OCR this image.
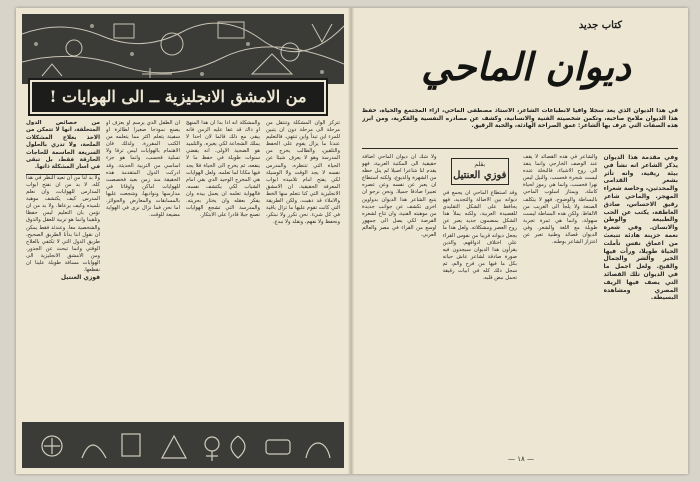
من الامشق الانجليزية ــ الى الهوايات !

تتركز الوان المشكلة وتنتقل من مرحلة الى مرحلة دون ان يتبين للمرء اين تبدأ واين تنتهي. فالتعليم عندنا ما يزال يقوم على الحفظ والتلقين، والطالب يخرج من المدرسة وهو لا يعرف شيئا عن الحياة التي تنتظره. والمدرس نفسه لا يجد الوقت ولا الوسيلة لكي يفتح امام تلاميذه ابواب المعرفة الحقيقية. ان الامشق الانجليزية التي كنا نتعلم منها الخط والاملاء قد ذهبت، ولكن الطريقة التي كانت تقوم عليها ما تزال باقية في كل شيء. نحن نكرر ولا نبتكر، ونحفظ ولا نفهم، ونقلد ولا نبدع.

والمشكلة انه اذا بدا ان هذا المنهج او ذاك قد عفا عليه الزمن فانه يبقى مع ذلك قائما لان احدا لا يملك الشجاعة لكي يغيره. والتلميذ هو الضحية الاولى. انه يقضي سنوات طويلة في حفظ ما لا ينفعه، ثم يخرج الى الحياة فلا يجد فيها مكانا لما تعلمه. ولعل الهوايات هي المخرج الوحيد الذي بقي امام الشباب لكي يكتشف نفسه، فالهواية تعلمه ان يعمل بيده وان يفكر بعقله وان يختار بحريته. والمدرسة التي تشجع الهوايات تصنع جيلا قادرا على الابتكار.

ان الطفل الذي يرسم او يعزف او يصنع نموذجا صغيرا لطائرة او سفينة يتعلم اكثر مما يتعلمه من الكتب المقررة. ولذلك فان الاهتمام بالهوايات ليس ترفا ولا تسلية فحسب، وانما هو جزء اساسي من التربية الحديثة. وقد ادركت الدول المتقدمة هذه الحقيقة منذ زمن بعيد فخصصت للهوايات اماكن واوقاتا في مدارسها ونواديها، وشجعت عليها بالمسابقات والمعارض والجوائز. اما نحن فما نزال نرى في الهواية مضيعة للوقت.

من خصائص الدول المتخلفة، انها لا تتمكن من الاخذ بعلاج المشكلات الملحة، ولا تدري بالحلول السريعة الحاسمة للحاجات الحارقة فقط، بل تبقى في اسار المشكلة ذاتها.

ولا بد لنا من ان نعيد النظر في هذا كله. لا بد من ان نفتح ابواب المدارس للهوايات، وان نعلم المدرس كيف يكتشف موهبة تلميذه وكيف يرعاها. ولا بد من ان نؤمن بان التعليم ليس حفظا وتلقينا وانما هو تربية للعقل والذوق والشخصية معا. وعندئذ فقط يمكن ان نقول اننا بدأنا الطريق الصحيح، طريق الدول التي لا تكتفي بالعلاج الوقتي وانما تبحث عن الجذور. ومن الامشق الانجليزية الى الهوايات مسافة طويلة علينا ان نقطعها.

فوزي العنتيل

كتاب جديد
ديوان الماحي
في هذا الديوان الذي يعد سجلا وافيا لانطباعات الشاعر، الاستاذ مصطفى الماحي، ازاء المجتمع والحياة، حفظ هذا الديوان ملامح صاحبه، وتكمن شخصيته الفنية والانسانية، وكشف عن مصادره النفسية والفكرية، ومن ابرز هذه الصفات التي عرف بها الشاعر: عمق الصراحة الهادئة، والحبة الرقيق.

وفي مقدمة هذا الديوان يذكر الشاعر انه نشأ في بيئة ريفية، وانه تأثر بشعر القدامى والمحدثين، وخاصة شعراء المهجر. والماحي شاعر رقيق الاحساس، صادق العاطفة، يكتب عن الحب والطبيعة والوطن والانسان. وفي شعره نغمة حزينة هادئة تنبعث من اعماق نفس تأملت الحياة طويلا، ورأت فيها الخير والشر والجمال والقبح. ولعل اجمل ما في الديوان تلك القصائد التي يصف فيها الريف المصري ومشاهده البسيطة.

والشاعر في هذه القصائد لا يقف عند الوصف الخارجي وانما ينفذ الى روح الاشياء، فالنخلة عنده ليست شجرة فحسب، والنيل ليس نهرا فحسب، وانما هي رموز لحياة كاملة. ويمتاز اسلوب الماحي بالبساطة والوضوح، فهو لا يتكلف الصنعة ولا يلجأ الى الغريب من الالفاظ. ولكن هذه البساطة ليست سهولة، وانما هي ثمرة تجربة طويلة مع اللغة والشعر. وفي الديوان قصائد وطنية تعبر عن اعتزاز الشاعر بوطنه.

بقلم
فوزي العنتيل

وقد استطاع الماحي ان يجمع في ديوانه بين الاصالة والتجديد، فهو يحافظ على الشكل التقليدي للقصيدة العربية، ولكنه يملأ هذا الشكل بمضمون جديد يعبر عن روح العصر ومشكلاته. ولعل هذا ما يجعل ديوانه قريبا من نفوس القراء على اختلاف اذواقهم. والذين يقرأون هذا الديوان سيجدون فيه صورة صادقة لشاعر عاش حياته بكل ما فيها من فرح والم، ثم سجل ذلك كله في ابيات رقيقة تحمل نبض قلبه.

ولا شك ان ديوان الماحي اضافة حقيقية الى المكتبة العربية، فهو يقدم لنا شاعرا اصيلا لم ينل حظه من الشهرة والذيوع، ولكنه استطاع ان يعبر عن نفسه وعن عصره تعبيرا صادقا جميلا. ونحن نرجو ان يتبع الشاعر هذا الديوان بدواوين اخرى تكشف عن جوانب جديدة من موهبته الفنية، وان تتاح لشعره الفرصة لكي يصل الى جمهور اوسع من القراء في مصر والعالم العربي.

— ١٨ —
